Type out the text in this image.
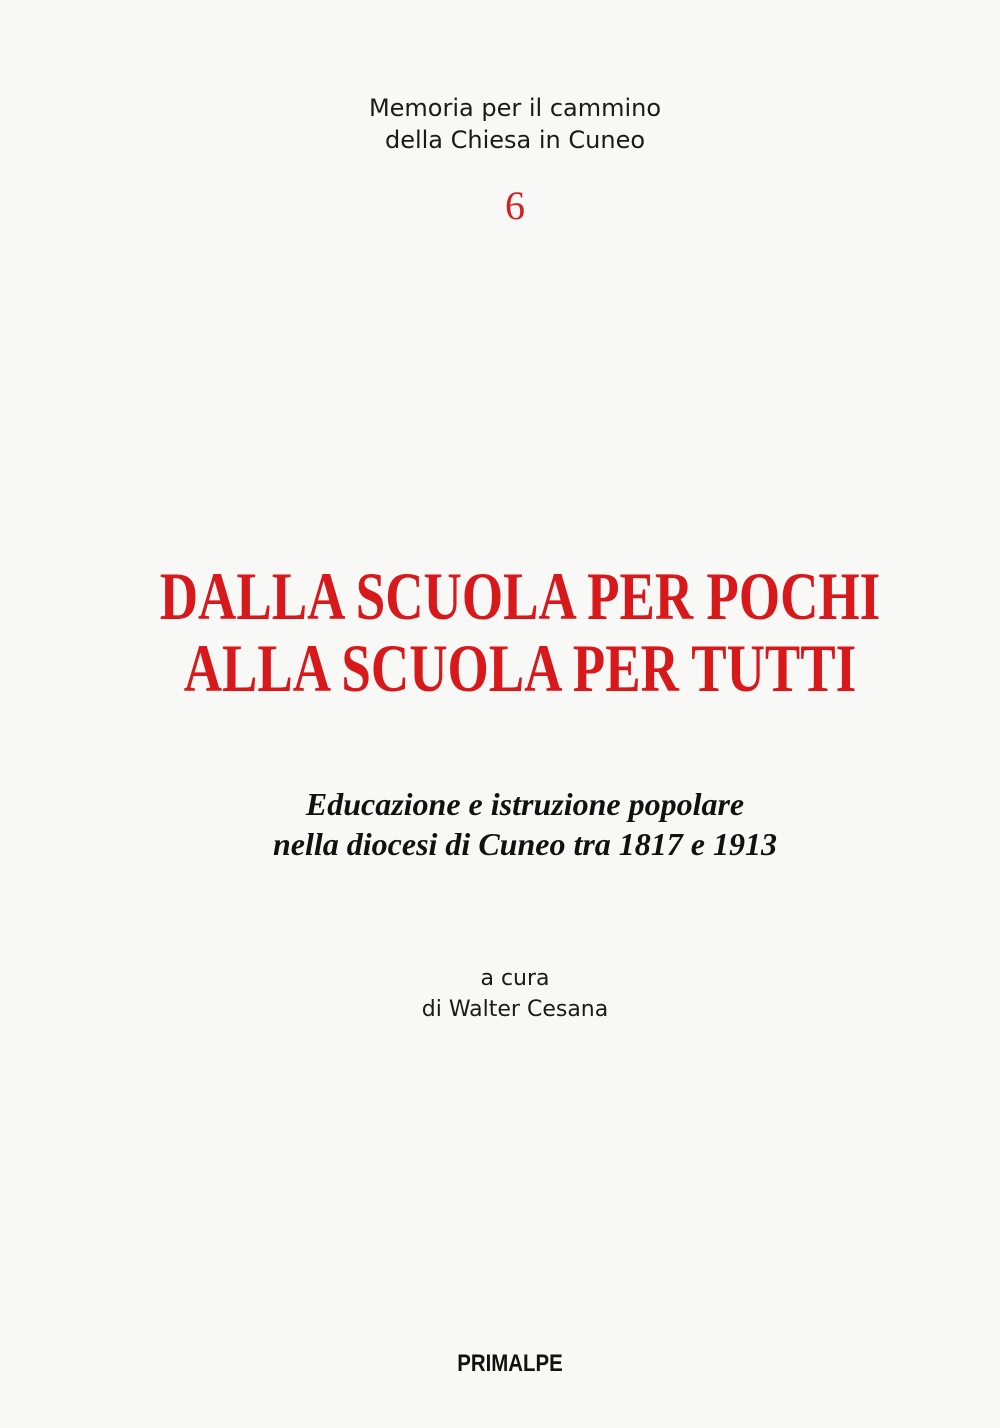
Memoria per il cammino
della Chiesa in Cuneo
6
DALLA SCUOLA PER POCHI
ALLA SCUOLA PER TUTTI
Educazione e istruzione popolare
nella diocesi di Cuneo tra 1817 e 1913
a cura
di Walter Cesana
PRIMALPE
